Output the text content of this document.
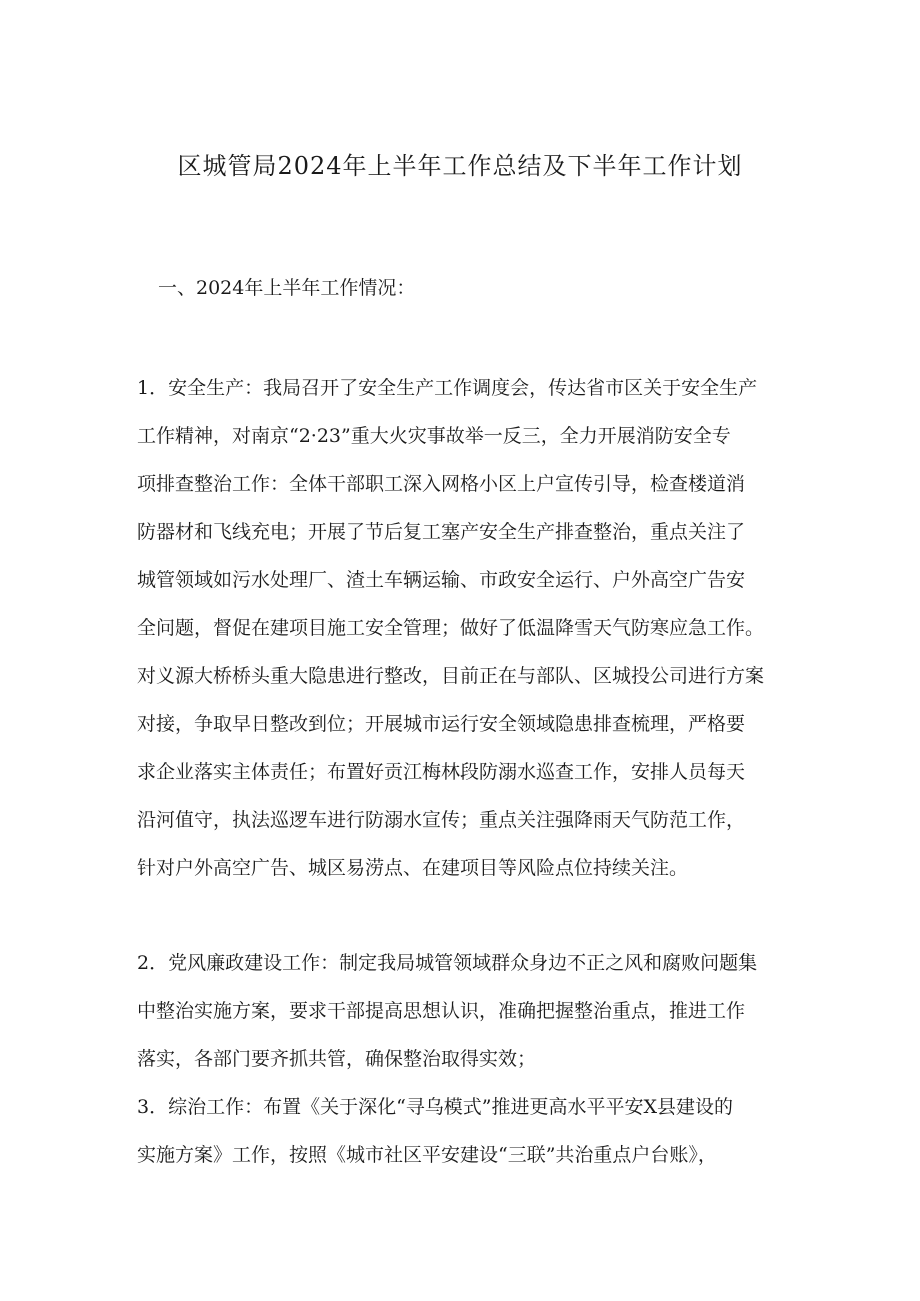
区城管局2024年上半年工作总结及下半年工作计划
一、2024年上半年工作情况：
1．安全生产：我局召开了安全生产工作调度会，传达省市区关于安全生产
工作精神，对南京“2·23”重大火灾事故举一反三，全力开展消防安全专
项排查整治工作：全体干部职工深入网格小区上户宣传引导，检查楼道消
防器材和飞线充电；开展了节后复工塞产安全生产排查整治，重点关注了
城管领域如污水处理厂、渣土车辆运输、市政安全运行、户外高空广告安
全问题，督促在建项目施工安全管理；做好了低温降雪天气防寒应急工作。
对义源大桥桥头重大隐患进行整改，目前正在与部队、区城投公司进行方案
对接，争取早日整改到位；开展城市运行安全领域隐患排查梳理，严格要
求企业落实主体责任；布置好贡江梅林段防溺水巡查工作，安排人员每天
沿河值守，执法巡逻车进行防溺水宣传；重点关注强降雨天气防范工作，
针对户外高空广告、城区易涝点、在建项目等风险点位持续关注。
2．党风廉政建设工作：制定我局城管领域群众身边不正之风和腐败问题集
中整治实施方案，要求干部提高思想认识，准确把握整治重点，推进工作
落实，各部门要齐抓共管，确保整治取得实效；
3．综治工作：布置《关于深化“寻乌模式”推进更高水平平安X县建设的
实施方案》工作，按照《城市社区平安建设“三联”共治重点户台账》，
